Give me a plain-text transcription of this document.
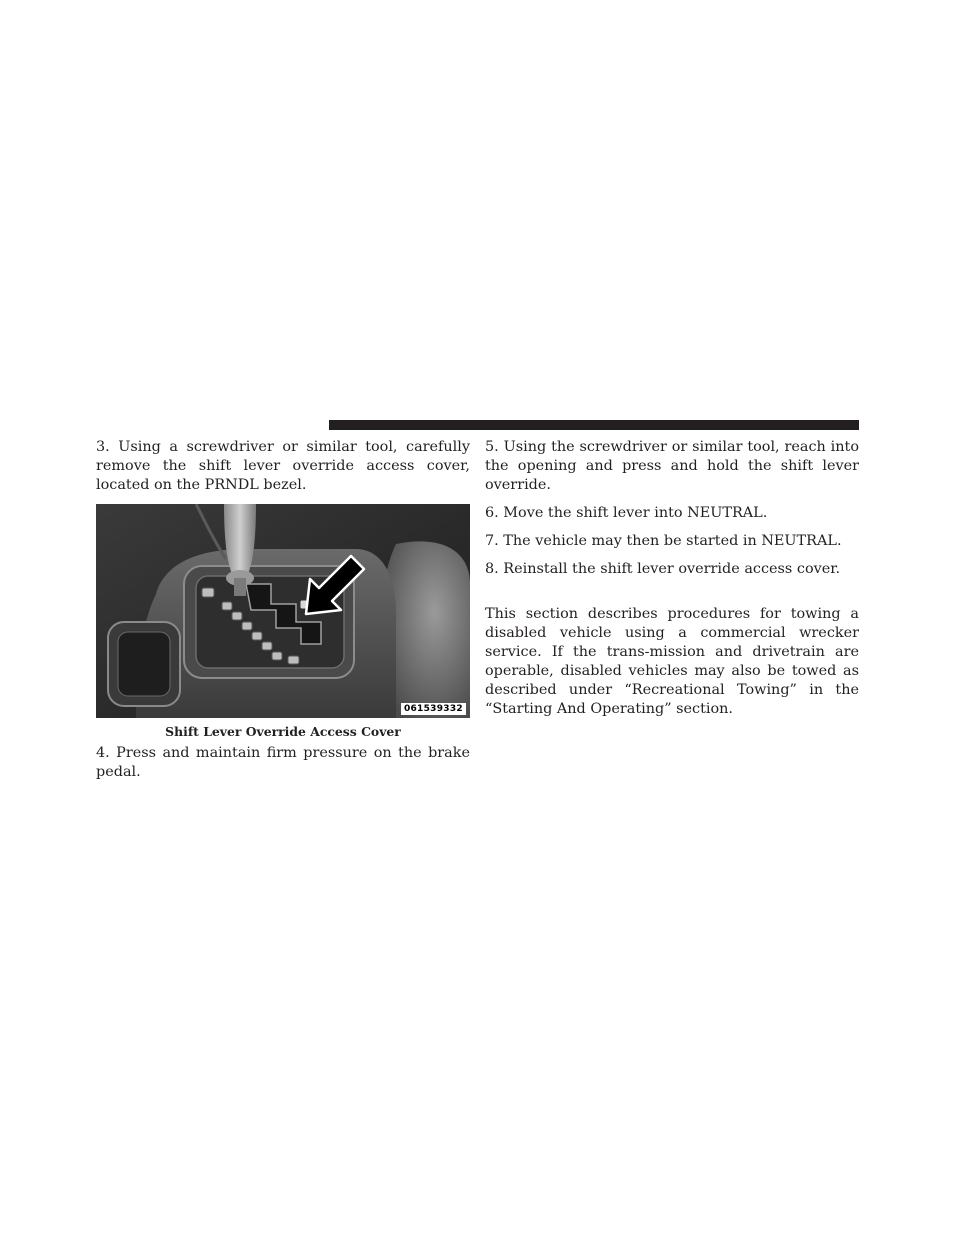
3. Using a screwdriver or similar tool, carefully remove the shift lever override access cover, located on the PRNDL bezel.

061539332
Shift Lever Override Access Cover

4. Press and maintain firm pressure on the brake pedal.

5. Using the screwdriver or similar tool, reach into the opening and press and hold the shift lever override.

6. Move the shift lever into NEUTRAL.

7. The vehicle may then be started in NEUTRAL.

8. Reinstall the shift lever override access cover.

This section describes procedures for towing a disabled vehicle using a commercial wrecker service. If the trans-mission and drivetrain are operable, disabled vehicles may also be towed as described under “Recreational Towing” in the “Starting And Operating” section.
